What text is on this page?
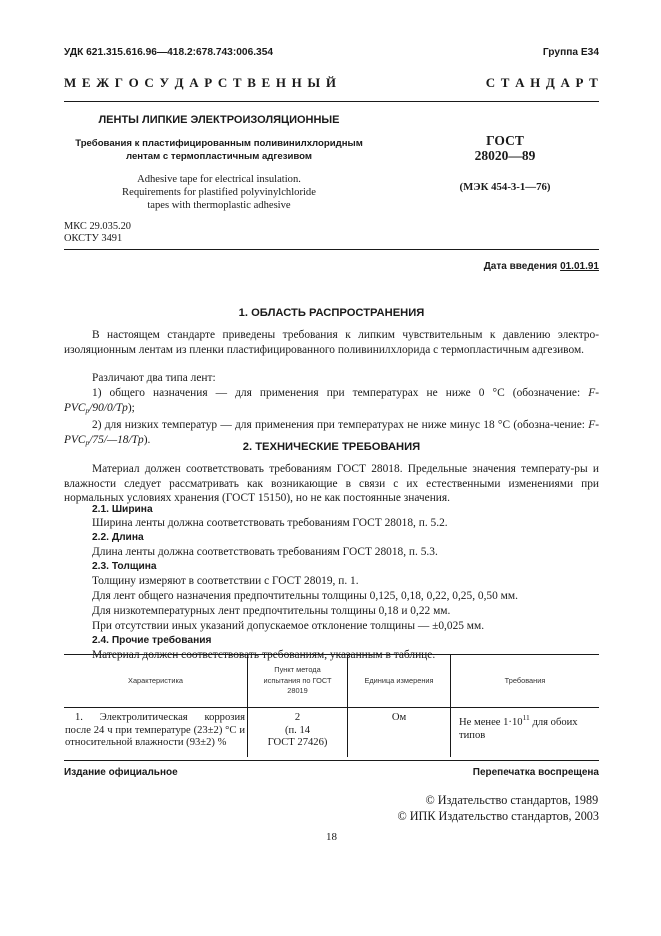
УДК 621.315.616.96—418.2:678.743:006.354	Группа Е34
М Е Ж Г О С У Д А Р С Т В Е Н Н Ы Й	С Т А Н Д А Р Т
ЛЕНТЫ ЛИПКИЕ ЭЛЕКТРОИЗОЛЯЦИОННЫЕ
Требования к пластифицированным поливинилхлоридным
лентам с термопластичным адгезивом
Adhesive tape for electrical insulation.
Requirements for plastified polyvinylchloride
tapes with thermoplastic adhesive
ГОСТ
28020—89
(МЭК 454-3-1—76)
МКС 29.035.20
ОКСТУ 3491
Дата введения 01.01.91
1. ОБЛАСТЬ РАСПРОСТРАНЕНИЯ
В настоящем стандарте приведены требования к липким чувствительным к давлению электро-изоляционным лентам из пленки пластифицированного поливинилхлорида с термопластичным адгезивом.
Различают два типа лент:
1) общего назначения — для применения при температурах не ниже 0 °С (обозначение: $F-PVC_p/90/0/Tp$);
2) для низких температур — для применения при температурах не ниже минус 18 °С (обозна-чение: $F-PVC_p/75/—18/Tp$).
2. ТЕХНИЧЕСКИЕ ТРЕБОВАНИЯ
Материал должен соответствовать требованиям ГОСТ 28018. Предельные значения температу-ры и влажности следует рассматривать как возникающие в связи с их естественными изменениями при нормальных условиях хранения (ГОСТ 15150), но не как постоянные значения.
2.1. Ширина
Ширина ленты должна соответствовать требованиям ГОСТ 28018, п. 5.2.
2.2. Длина
Длина ленты должна соответствовать требованиям ГОСТ 28018, п. 5.3.
2.3. Толщина
Толщину измеряют в соответствии с ГОСТ 28019, п. 1.
Для лент общего назначения предпочтительны толщины 0,125, 0,18, 0,22, 0,25, 0,50 мм.
Для низкотемпературных лент предпочтительны толщины 0,18 и 0,22 мм.
При отсутствии иных указаний допускаемое отклонение толщины — ±0,025 мм.
2.4. Прочие требования
Материал должен соответствовать требованиям, указанным в таблице.
Характеристика	Пункт метода испытания по ГОСТ 28019	Единица измерения	Требования
1. Электролитическая коррозия после 24 ч при температуре (23±2) °С и относительной влажности (93±2) %	2
(п. 14
ГОСТ 27426)	Ом	Не менее $1\cdot 10^{11}$ для обоих типов
Издание официальное	Перепечатка воспрещена
© Издательство стандартов, 1989
© ИПК Издательство стандартов, 2003
18
